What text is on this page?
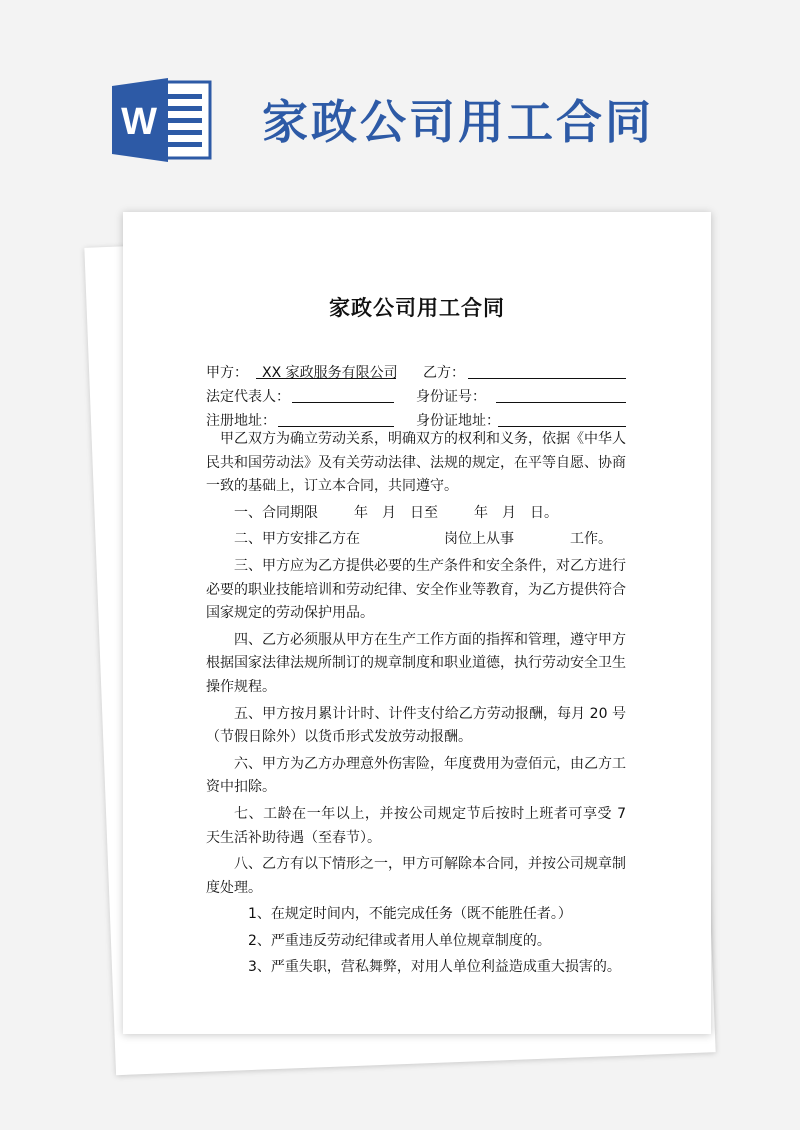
W 家政公司用工合同
家政公司用工合同
甲方： XX 家政服务有限公司 乙方：
法定代表人：	身份证号：
注册地址：	身份证地址：

甲乙双方为确立劳动关系，明确双方的权利和义务，依据《中华人民共和国劳动法》及有关劳动法律、法规的规定，在平等自愿、协商一致的基础上，订立本合同，共同遵守。

一、合同期限	年 月 日至	年 月 日。

二、甲方安排乙方在	岗位上从事	工作。

三、甲方应为乙方提供必要的生产条件和安全条件，对乙方进行必要的职业技能培训和劳动纪律、安全作业等教育，为乙方提供符合国家规定的劳动保护用品。

四、乙方必须服从甲方在生产工作方面的指挥和管理，遵守甲方根据国家法律法规所制订的规章制度和职业道德，执行劳动安全卫生操作规程。

五、甲方按月累计计时、计件支付给乙方劳动报酬，每月 20 号（节假日除外）以货币形式发放劳动报酬。

六、甲方为乙方办理意外伤害险，年度费用为壹佰元，由乙方工资中扣除。

七、工龄在一年以上，并按公司规定节后按时上班者可享受 7 天生活补助待遇（至春节）。

八、乙方有以下情形之一，甲方可解除本合同，并按公司规章制度处理。

1、在规定时间内，不能完成任务（既不能胜任者。）

2、严重违反劳动纪律或者用人单位规章制度的。

3、严重失职，营私舞弊，对用人单位利益造成重大损害的。
